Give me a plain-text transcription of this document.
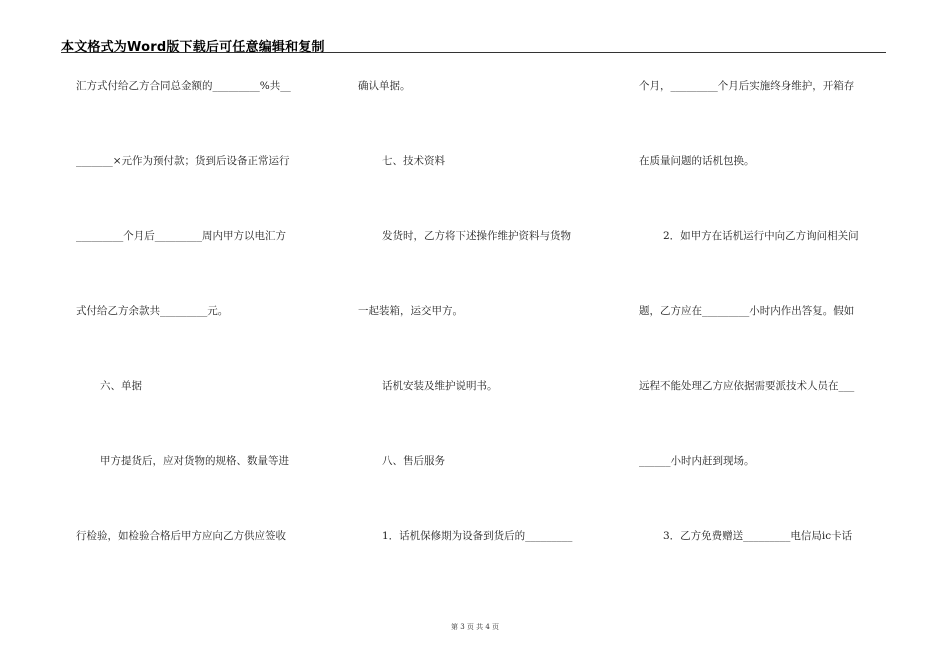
本文格式为Word版下载后可任意编辑和复制
汇方式付给乙方合同总金额的_________%共__
_______×元作为预付款；货到后设备正常运行
_________个月后_________周内甲方以电汇方
式付给乙方余款共_________元。
六、单据
甲方提货后，应对货物的规格、数量等进
行检验，如检验合格后甲方应向乙方供应签收
确认单据。
七、技术资料
发货时，乙方将下述操作维护资料与货物
一起装箱，运交甲方。
话机安装及维护说明书。
八、售后服务
1．话机保修期为设备到货后的_________
个月，_________个月后实施终身维护，开箱存
在质量问题的话机包换。
2．如甲方在话机运行中向乙方询问相关问
题，乙方应在_________小时内作出答复。假如
远程不能处理乙方应依据需要派技术人员在___
______小时内赶到现场。
3．乙方免费赠送_________电信局ic卡话
第 3 页 共 4 页
